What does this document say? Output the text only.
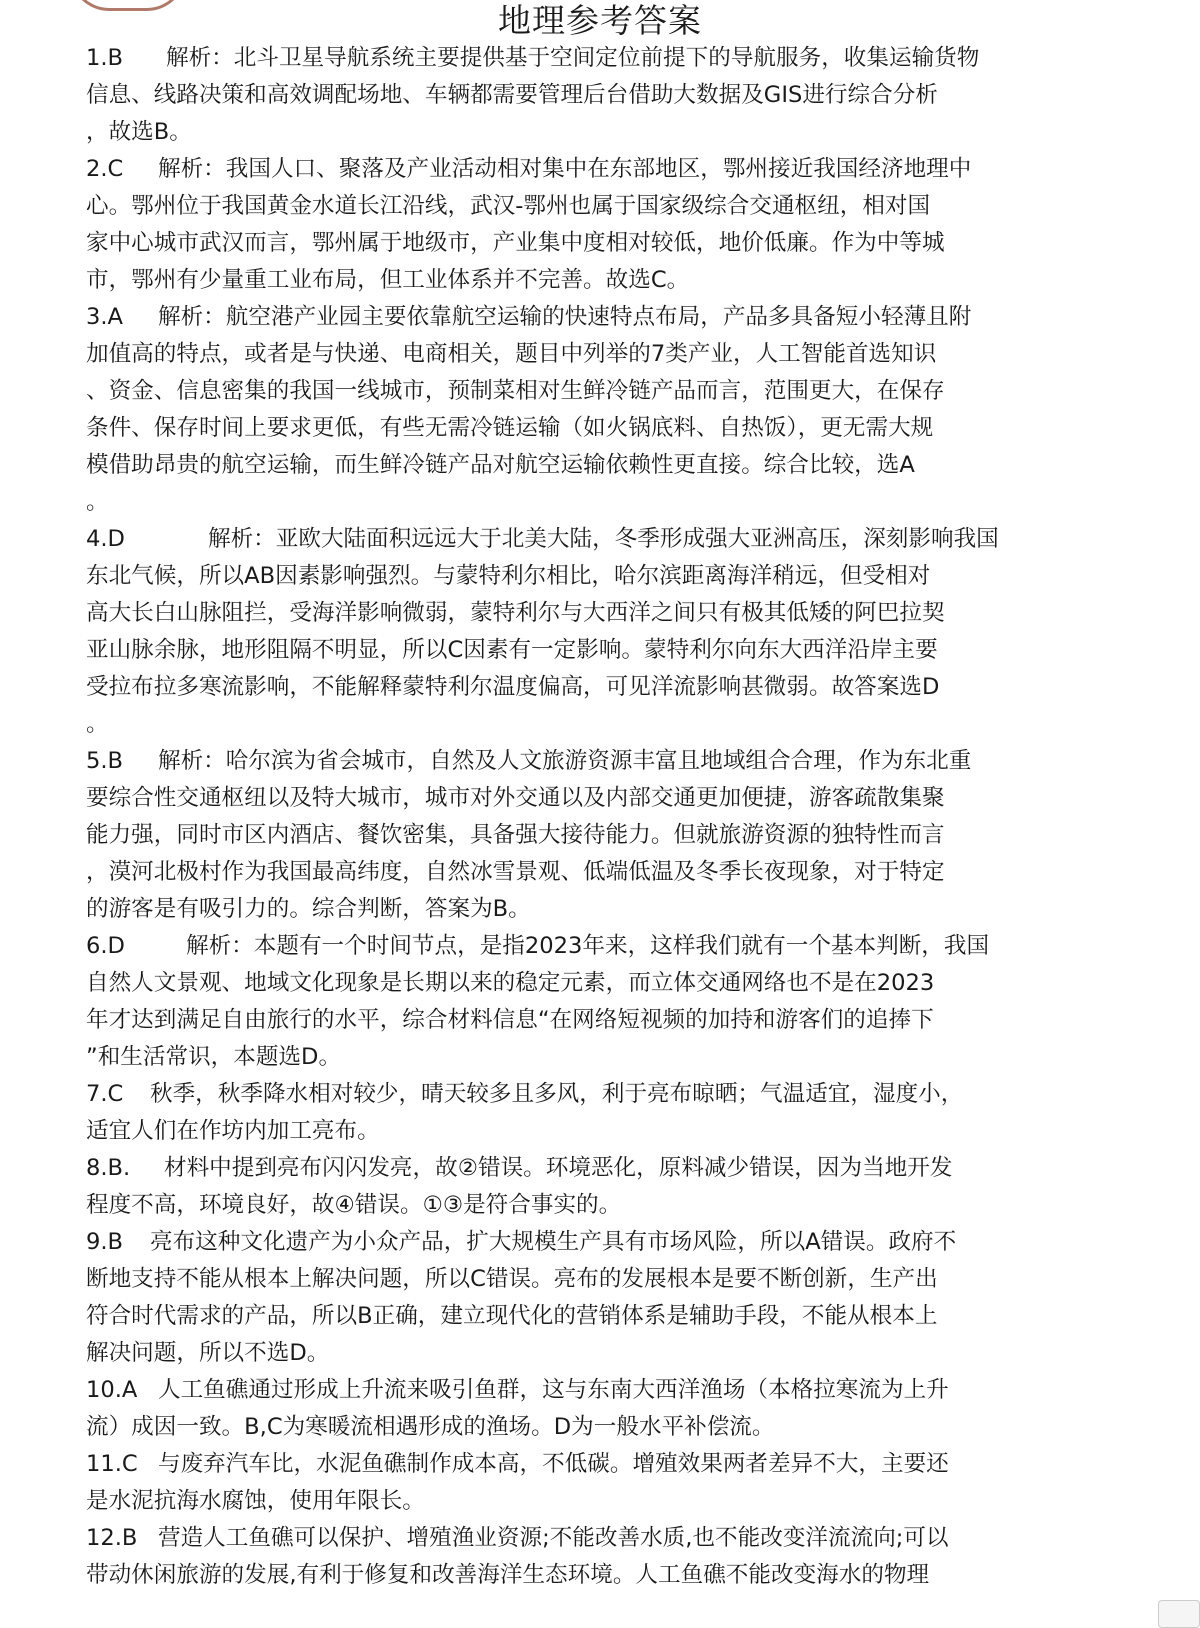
地理参考答案
1.B 解析：北斗卫星导航系统主要提供基于空间定位前提下的导航服务，收集运输货物
信息、线路决策和高效调配场地、车辆都需要管理后台借助大数据及GIS进行综合分析
，故选B。
2.C 解析：我国人口、聚落及产业活动相对集中在东部地区，鄂州接近我国经济地理中
心。鄂州位于我国黄金水道长江沿线，武汉-鄂州也属于国家级综合交通枢纽，相对国
家中心城市武汉而言，鄂州属于地级市，产业集中度相对较低，地价低廉。作为中等城
市，鄂州有少量重工业布局，但工业体系并不完善。故选C。
3.A 解析：航空港产业园主要依靠航空运输的快速特点布局，产品多具备短小轻薄且附
加值高的特点，或者是与快递、电商相关，题目中列举的7类产业，人工智能首选知识
、资金、信息密集的我国一线城市，预制菜相对生鲜冷链产品而言，范围更大，在保存
条件、保存时间上要求更低，有些无需冷链运输（如火锅底料、自热饭），更无需大规
模借助昂贵的航空运输，而生鲜冷链产品对航空运输依赖性更直接。综合比较，选A
。
4.D	解析：亚欧大陆面积远远大于北美大陆，冬季形成强大亚洲高压，深刻影响我国
东北气候，所以AB因素影响强烈。与蒙特利尔相比，哈尔滨距离海洋稍远，但受相对
高大长白山脉阻拦，受海洋影响微弱，蒙特利尔与大西洋之间只有极其低矮的阿巴拉契
亚山脉余脉，地形阻隔不明显，所以C因素有一定影响。蒙特利尔向东大西洋沿岸主要
受拉布拉多寒流影响，不能解释蒙特利尔温度偏高，可见洋流影响甚微弱。故答案选D
。
5.B 解析：哈尔滨为省会城市，自然及人文旅游资源丰富且地域组合合理，作为东北重
要综合性交通枢纽以及特大城市，城市对外交通以及内部交通更加便捷，游客疏散集聚
能力强，同时市区内酒店、餐饮密集，具备强大接待能力。但就旅游资源的独特性而言
，漠河北极村作为我国最高纬度，自然冰雪景观、低端低温及冬季长夜现象，对于特定
的游客是有吸引力的。综合判断，答案为B。
6.D	解析：本题有一个时间节点，是指2023年来，这样我们就有一个基本判断，我国
自然人文景观、地域文化现象是长期以来的稳定元素，而立体交通网络也不是在2023
年才达到满足自由旅行的水平，综合材料信息“在网络短视频的加持和游客们的追捧下
”和生活常识，本题选D。
7.C 秋季，秋季降水相对较少，晴天较多且多风，利于亮布晾晒；气温适宜，湿度小，
适宜人们在作坊内加工亮布。
8.B. 材料中提到亮布闪闪发亮，故②错误。环境恶化，原料减少错误，因为当地开发
程度不高，环境良好，故④错误。①③是符合事实的。
9.B 亮布这种文化遗产为小众产品，扩大规模生产具有市场风险，所以A错误。政府不
断地支持不能从根本上解决问题，所以C错误。亮布的发展根本是要不断创新，生产出
符合时代需求的产品，所以B正确，建立现代化的营销体系是辅助手段，不能从根本上
解决问题，所以不选D。
10.A 人工鱼礁通过形成上升流来吸引鱼群，这与东南大西洋渔场（本格拉寒流为上升
流）成因一致。B,C为寒暖流相遇形成的渔场。D为一般水平补偿流。
11.C 与废弃汽车比，水泥鱼礁制作成本高，不低碳。增殖效果两者差异不大，主要还
是水泥抗海水腐蚀，使用年限长。
12.B 营造人工鱼礁可以保护、增殖渔业资源;不能改善水质,也不能改变洋流流向;可以
带动休闲旅游的发展,有利于修复和改善海洋生态环境。人工鱼礁不能改变海水的物理
